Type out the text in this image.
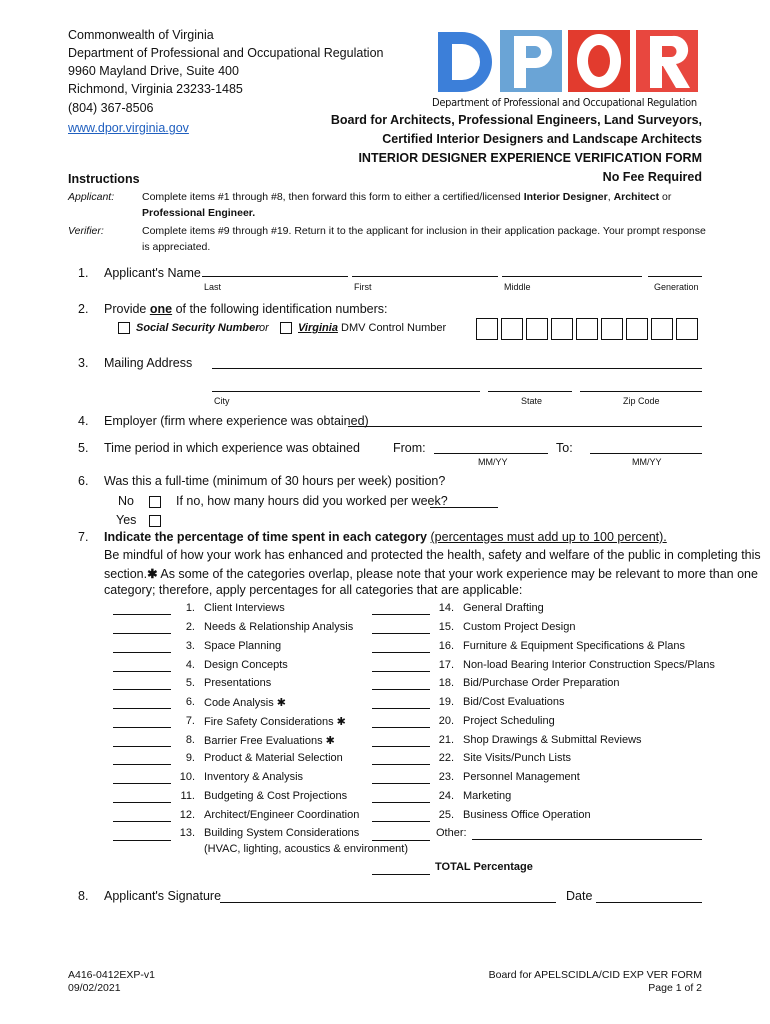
Commonwealth of Virginia
Department of Professional and Occupational Regulation
9960 Mayland Drive, Suite 400
Richmond, Virginia 23233-1485
(804) 367-8506
www.dpor.virginia.gov
Department of Professional and Occupational Regulation
Board for Architects, Professional Engineers, Land Surveyors,
Certified Interior Designers and Landscape Architects
INTERIOR DESIGNER EXPERIENCE VERIFICATION FORM
No Fee Required
Instructions
Applicant:	Complete items #1 through #8, then forward this form to either a certified/licensed Interior Designer, Architect or
Professional Engineer.
Verifier:	Complete items #9 through #19. Return it to the applicant for inclusion in their application package. Your prompt response
is appreciated.
1. Applicant's Name
Last	First	Middle	Generation
2. Provide one of the following identification numbers:
Social Security Number or	Virginia DMV Control Number
3. Mailing Address
City	State	Zip Code
4. Employer (firm where experience was obtained)
5. Time period in which experience was obtained	From:
MM/YY
To:
MM/YY
6. Was this a full-time (minimum of 30 hours per week) position?
No	If no, how many hours did you worked per week?
Yes
7. Indicate the percentage of time spent in each category (percentages must add up to 100 percent).
Be mindful of how your work has enhanced and protected the health, safety and welfare of the public in completing this
section.✱ As some of the categories overlap, please note that your work experience may be relevant to more than one
category; therefore, apply percentages for all categories that are applicable:
1. Client Interviews
2. Needs & Relationship Analysis
3. Space Planning
4. Design Concepts
5. Presentations
6. Code Analysis ✱
7. Fire Safety Considerations ✱
8. Barrier Free Evaluations ✱
9. Product & Material Selection
10. Inventory & Analysis
11. Budgeting & Cost Projections
12. Architect/Engineer Coordination
13. Building System Considerations
(HVAC, lighting, acoustics & environment)
14. General Drafting
15. Custom Project Design
16. Furniture & Equipment Specifications & Plans
17. Non-load Bearing Interior Construction Specs/Plans
18. Bid/Purchase Order Preparation
19. Bid/Cost Evaluations
20. Project Scheduling
21. Shop Drawings & Submittal Reviews
22. Site Visits/Punch Lists
23. Personnel Management
24. Marketing
25. Business Office Operation
Other:
TOTAL Percentage
8. Applicant's Signature	Date
A416-0412EXP-v1
09/02/2021
Board for APELSCIDLA/CID EXP VER FORM
Page 1 of 2
